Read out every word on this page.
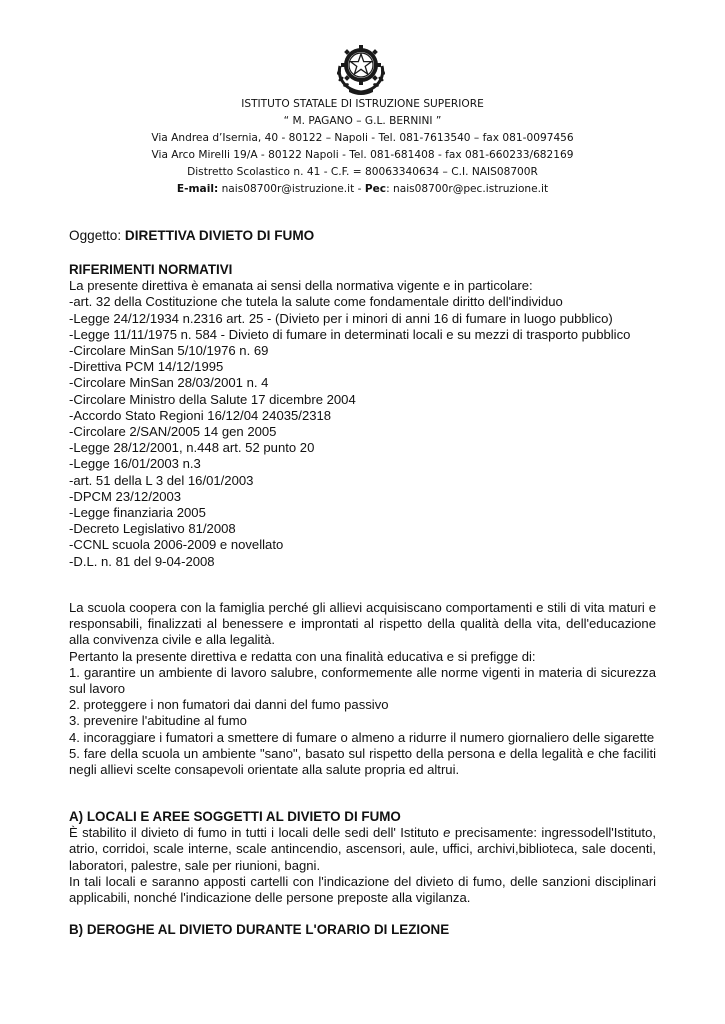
ISTITUTO STATALE DI ISTRUZIONE SUPERIORE
“ M. PAGANO – G.L. BERNINI ”
Via Andrea d’Isernia, 40 - 80122 – Napoli - Tel. 081-7613540 – fax 081-0097456
Via Arco Mirelli 19/A - 80122 Napoli - Tel. 081-681408 - fax 081-660233/682169
Distretto Scolastico n. 41 - C.F. = 80063340634 – C.I. NAIS08700R
E-mail: nais08700r@istruzione.it - Pec: nais08700r@pec.istruzione.it
Oggetto: DIRETTIVA DIVIETO DI FUMO
RIFERIMENTI NORMATIVI
La presente direttiva è emanata ai sensi della normativa vigente e in particolare:
-art. 32 della Costituzione che tutela la salute come fondamentale diritto dell'individuo
-Legge 24/12/1934 n.2316 art. 25 - (Divieto per i minori di anni 16 di fumare in luogo pubblico)
-Legge 11/11/1975 n. 584 - Divieto di fumare in determinati locali e su mezzi di trasporto pubblico
-Circolare MinSan 5/10/1976 n. 69
-Direttiva PCM 14/12/1995
-Circolare MinSan 28/03/2001 n. 4
-Circolare Ministro della Salute 17 dicembre 2004
-Accordo Stato Regioni 16/12/04 24035/2318
-Circolare 2/SAN/2005 14 gen 2005
-Legge 28/12/2001, n.448 art. 52 punto 20
-Legge 16/01/2003 n.3
-art. 51 della L 3 del 16/01/2003
-DPCM 23/12/2003
-Legge finanziaria 2005
-Decreto Legislativo 81/2008
-CCNL scuola 2006-2009 e novellato
-D.L. n. 81 del 9-04-2008
La scuola coopera con la famiglia perché gli allievi acquisiscano comportamenti e stili di vita maturi e responsabili, finalizzati al benessere e improntati al rispetto della qualità della vita, dell'educazione alla convivenza civile e alla legalità.
Pertanto la presente direttiva e redatta con una finalità educativa e si prefigge di:
1. garantire un ambiente di lavoro salubre, conformemente alle norme vigenti in materia di sicurezza sul lavoro
2. proteggere i non fumatori dai danni del fumo passivo
3. prevenire l'abitudine al fumo
4. incoraggiare i fumatori a smettere di fumare o almeno a ridurre il numero giornaliero delle sigarette
5. fare della scuola un ambiente "sano", basato sul rispetto della persona e della legalità e che faciliti negli allievi scelte consapevoli orientate alla salute propria ed altrui.
A) LOCALI E AREE SOGGETTI AL DIVIETO DI FUMO
È stabilito il divieto di fumo in tutti i locali delle sedi dell' Istituto e precisamente: ingressodell'Istituto, atrio, corridoi, scale interne, scale antincendio, ascensori, aule, uffici, archivi,biblioteca, sale docenti, laboratori, palestre, sale per riunioni, bagni.
In tali locali e saranno apposti cartelli con l'indicazione del divieto di fumo, delle sanzioni disciplinari applicabili, nonché l'indicazione delle persone preposte alla vigilanza.
B) DEROGHE AL DIVIETO DURANTE L'ORARIO DI LEZIONE
